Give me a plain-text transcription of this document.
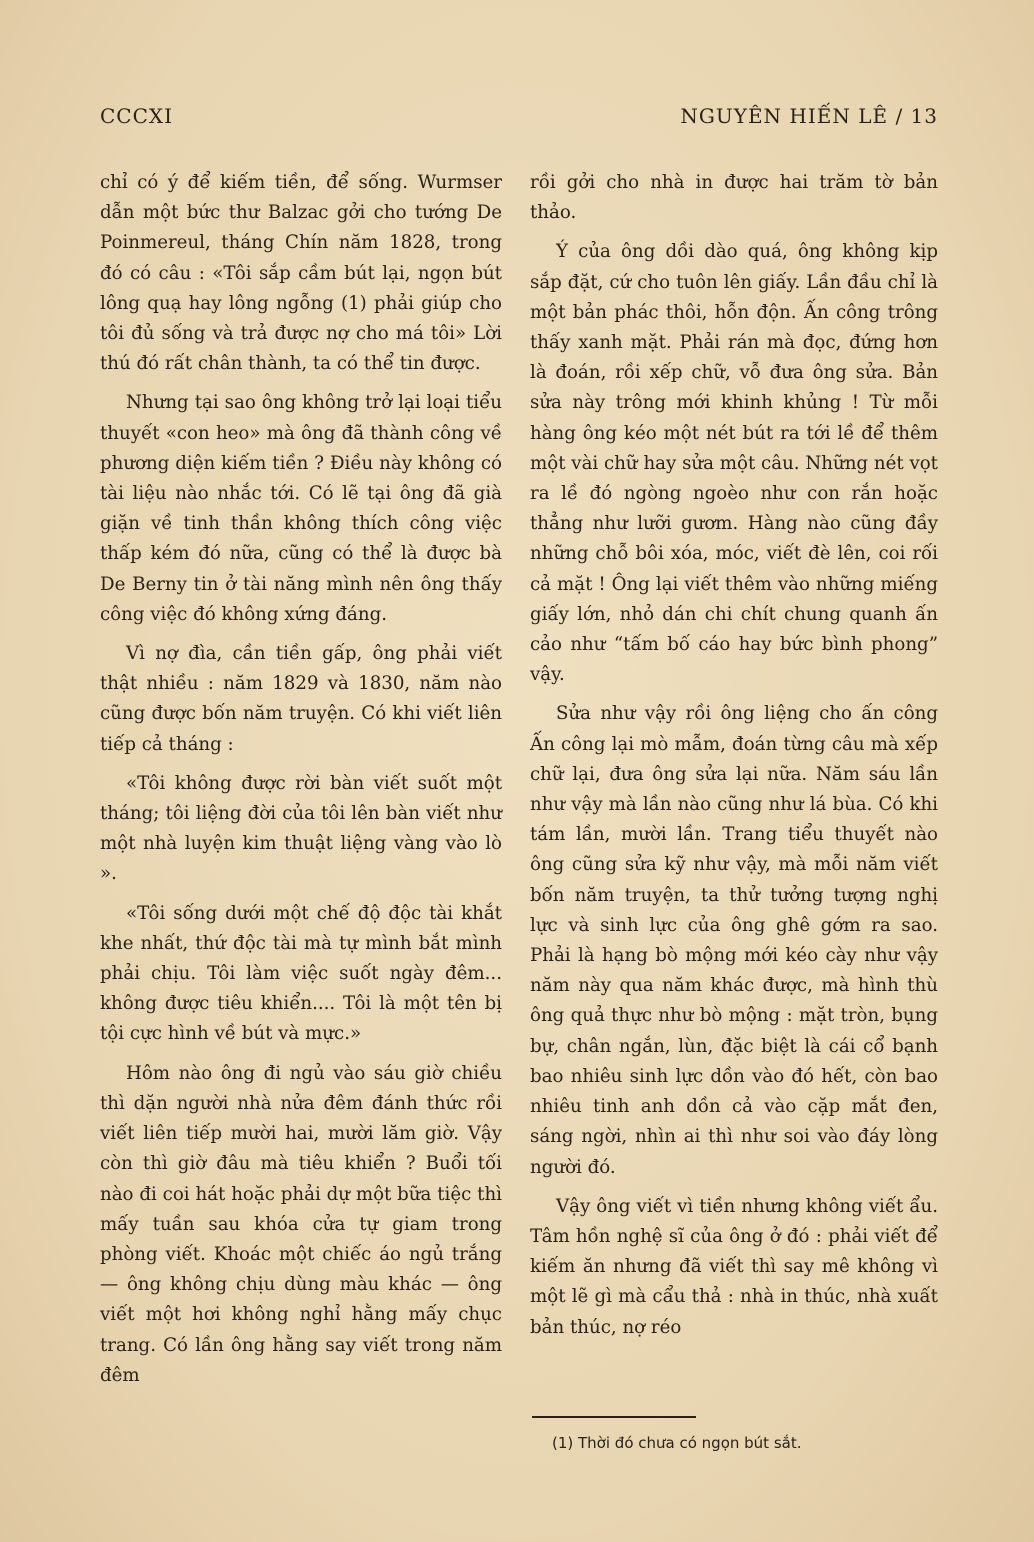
CCCXI	NGUYÊN HIẾN LÊ / 13

chỉ có ý để kiếm tiền, để sống. Wurmser dẫn một bức thư Balzac gởi cho tướng De Poinmereul, tháng Chín năm 1828, trong đó có câu : «Tôi sắp cầm bút lại, ngọn bút lông quạ hay lông ngỗng (1) phải giúp cho tôi đủ sống và trả được nợ cho má tôi» Lời thú đó rất chân thành, ta có thể tin được.

Nhưng tại sao ông không trở lại loại tiểu thuyết «con heo» mà ông đã thành công về phương diện kiếm tiền ? Điều này không có tài liệu nào nhắc tới. Có lẽ tại ông đã già giặn về tinh thần không thích công việc thấp kém đó nữa, cũng có thể là được bà De Berny tin ở tài năng mình nên ông thấy công việc đó không xứng đáng.

Vì nợ đìa, cần tiền gấp, ông phải viết thật nhiều : năm 1829 và 1830, năm nào cũng được bốn năm truyện. Có khi viết liên tiếp cả tháng :

«Tôi không được rời bàn viết suốt một tháng; tôi liệng đời của tôi lên bàn viết như một nhà luyện kim thuật liệng vàng vào lò ».

«Tôi sống dưới một chế độ độc tài khắt khe nhất, thứ độc tài mà tự mình bắt mình phải chịu. Tôi làm việc suốt ngày đêm... không được tiêu khiển.... Tôi là một tên bị tội cực hình về bút và mực.»

Hôm nào ông đi ngủ vào sáu giờ chiều thì dặn người nhà nửa đêm đánh thức rồi viết liên tiếp mười hai, mười lăm giờ. Vậy còn thì giờ đâu mà tiêu khiển ? Buổi tối nào đi coi hát hoặc phải dự một bữa tiệc thì mấy tuần sau khóa cửa tự giam trong phòng viết. Khoác một chiếc áo ngủ trắng — ông không chịu dùng màu khác — ông viết một hơi không nghỉ hằng mấy chục trang. Có lần ông hằng say viết trong năm đêm

rồi gởi cho nhà in được hai trăm tờ bản thảo.

Ý của ông dồi dào quá, ông không kịp sắp đặt, cứ cho tuôn lên giấy. Lần đầu chỉ là một bản phác thôi, hỗn độn. Ấn công trông thấy xanh mặt. Phải rán mà đọc, đứng hơn là đoán, rồi xếp chữ, vỗ đưa ông sửa. Bản sửa này trông mới khinh khủng ! Từ mỗi hàng ông kéo một nét bút ra tới lề để thêm một vài chữ hay sửa một câu. Những nét vọt ra lề đó ngòng ngoèo như con rắn hoặc thẳng như lưỡi gươm. Hàng nào cũng đầy những chỗ bôi xóa, móc, viết đè lên, coi rối cả mặt ! Ông lại viết thêm vào những miếng giấy lớn, nhỏ dán chi chít chung quanh ấn cảo như “tấm bố cáo hay bức bình phong” vậy.

Sửa như vậy rồi ông liệng cho ấn công Ấn công lại mò mẫm, đoán từng câu mà xếp chữ lại, đưa ông sửa lại nữa. Năm sáu lần như vậy mà lần nào cũng như lá bùa. Có khi tám lần, mười lần. Trang tiểu thuyết nào ông cũng sửa kỹ như vậy, mà mỗi năm viết bốn năm truyện, ta thử tưởng tượng nghị lực và sinh lực của ông ghê gớm ra sao. Phải là hạng bò mộng mới kéo cày như vậy năm này qua năm khác được, mà hình thù ông quả thực như bò mộng : mặt tròn, bụng bự, chân ngắn, lùn, đặc biệt là cái cổ bạnh bao nhiêu sinh lực dồn vào đó hết, còn bao nhiêu tinh anh dồn cả vào cặp mắt đen, sáng ngời, nhìn ai thì như soi vào đáy lòng người đó.

Vậy ông viết vì tiền nhưng không viết ẩu. Tâm hồn nghệ sĩ của ông ở đó : phải viết để kiếm ăn nhưng đã viết thì say mê không vì một lẽ gì mà cẩu thả : nhà in thúc, nhà xuất bản thúc, nợ réo

(1) Thời đó chưa có ngọn bút sắt.
